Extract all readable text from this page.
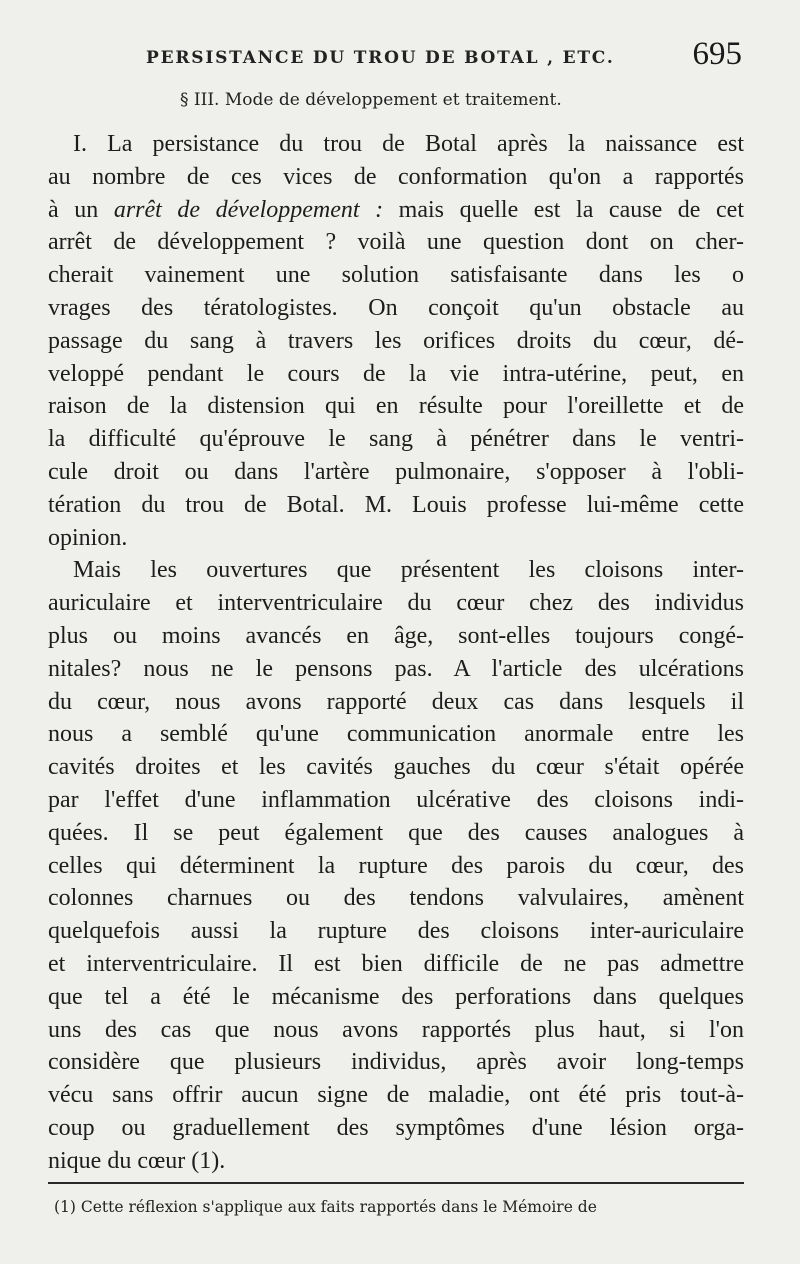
PERSISTANCE DU TROU DE BOTAL , ETC. 695
§ III. Mode de développement et traitement.
I. La persistance du trou de Botal après la naissance est
au nombre de ces vices de conformation qu'on a rapportés
à un arrêt de développement : mais quelle est la cause de cet
arrêt de développement ? voilà une question dont on cher-
cherait vainement une solution satisfaisante dans les o
vrages des tératologistes. On conçoit qu'un obstacle au
passage du sang à travers les orifices droits du cœur, dé-
veloppé pendant le cours de la vie intra-utérine, peut, en
raison de la distension qui en résulte pour l'oreillette et de
la difficulté qu'éprouve le sang à pénétrer dans le ventri-
cule droit ou dans l'artère pulmonaire, s'opposer à l'obli-
tération du trou de Botal. M. Louis professe lui-même cette
opinion.
Mais les ouvertures que présentent les cloisons inter-
auriculaire et interventriculaire du cœur chez des individus
plus ou moins avancés en âge, sont-elles toujours congé-
nitales? nous ne le pensons pas. A l'article des ulcérations
du cœur, nous avons rapporté deux cas dans lesquels il
nous a semblé qu'une communication anormale entre les
cavités droites et les cavités gauches du cœur s'était opérée
par l'effet d'une inflammation ulcérative des cloisons indi-
quées. Il se peut également que des causes analogues à
celles qui déterminent la rupture des parois du cœur, des
colonnes charnues ou des tendons valvulaires, amènent
quelquefois aussi la rupture des cloisons inter-auriculaire
et interventriculaire. Il est bien difficile de ne pas admettre
que tel a été le mécanisme des perforations dans quelques
uns des cas que nous avons rapportés plus haut, si l'on
considère que plusieurs individus, après avoir long-temps
vécu sans offrir aucun signe de maladie, ont été pris tout-à-
coup ou graduellement des symptômes d'une lésion orga-
nique du cœur (1).
(1) Cette réflexion s'applique aux faits rapportés dans le Mémoire de
